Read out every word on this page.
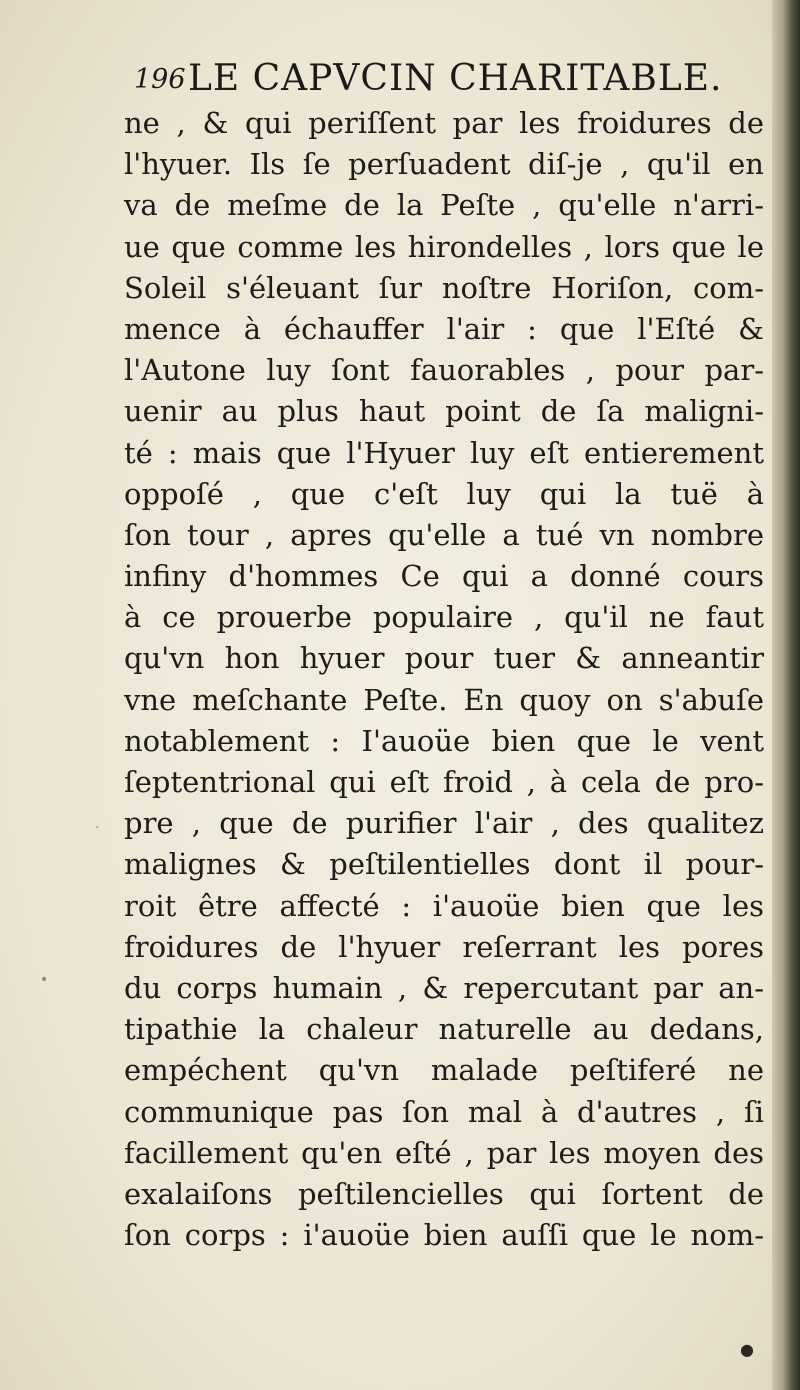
196 LE CAPVCIN CHARITABLE.
ne , & qui periſſent par les froidures de
l'hyuer. Ils ſe perſuadent diſ-je , qu'il en
va de meſme de la Peſte , qu'elle n'arri-
ue que comme les hirondelles , lors que le
Soleil s'éleuant ſur noſtre Horiſon, com-
mence à échauffer l'air : que l'Eſté &
l'Autone luy ſont fauorables , pour par-
uenir au plus haut point de ſa maligni-
té : mais que l'Hyuer luy eſt entierement
oppoſé , que c'eſt luy qui la tuë à
ſon tour , apres qu'elle a tué vn nombre
infiny d'hommes Ce qui a donné cours
à ce prouerbe populaire , qu'il ne faut
qu'vn hon hyuer pour tuer & anneantir
vne meſchante Peſte. En quoy on s'abuſe
notablement : I'auoüe bien que le vent
ſeptentrional qui eſt froid , à cela de pro-
pre , que de purifier l'air , des qualitez
malignes & peſtilentielles dont il pour-
roit être affecté : i'auoüe bien que les
froidures de l'hyuer reſerrant les pores
du corps humain , & repercutant par an-
tipathie la chaleur naturelle au dedans,
empéchent qu'vn malade peſtiferé ne
communique pas ſon mal à d'autres , ſi
facillement qu'en eſté , par les moyen des
exalaiſons peſtilencielles qui ſortent de
ſon corps : i'auoüe bien auſſi que le nom-
•
·
●
